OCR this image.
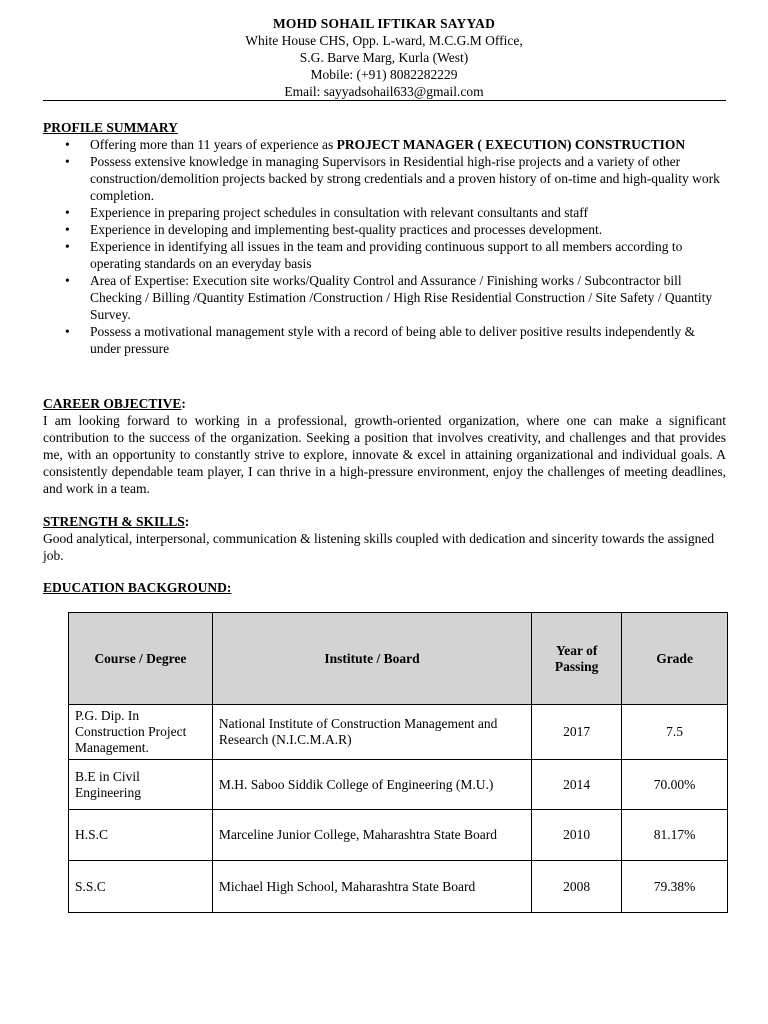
MOHD SOHAIL IFTIKAR SAYYAD
White House CHS, Opp. L-ward, M.C.G.M Office,
S.G. Barve Marg, Kurla (West)
Mobile: (+91) 8082282229
Email: sayyadsohail633@gmail.com
PROFILE SUMMARY
• Offering more than 11 years of experience as PROJECT MANAGER ( EXECUTION) CONSTRUCTION
• Possess extensive knowledge in managing Supervisors in Residential high-rise projects and a variety of other construction/demolition projects backed by strong credentials and a proven history of on-time and high-quality work completion.
• Experience in preparing project schedules in consultation with relevant consultants and staff
• Experience in developing and implementing best-quality practices and processes development.
• Experience in identifying all issues in the team and providing continuous support to all members according to operating standards on an everyday basis
• Area of Expertise: Execution site works/Quality Control and Assurance / Finishing works / Subcontractor bill Checking / Billing /Quantity Estimation /Construction / High Rise Residential Construction / Site Safety / Quantity Survey.
• Possess a motivational management style with a record of being able to deliver positive results independently & under pressure
CAREER OBJECTIVE:
I am looking forward to working in a professional, growth-oriented organization, where one can make a significant contribution to the success of the organization. Seeking a position that involves creativity, and challenges and that provides me, with an opportunity to constantly strive to explore, innovate & excel in attaining organizational and individual goals. A consistently dependable team player, I can thrive in a high-pressure environment, enjoy the challenges of meeting deadlines, and work in a team.
STRENGTH & SKILLS:
Good analytical, interpersonal, communication & listening skills coupled with dedication and sincerity towards the assigned job.
EDUCATION BACKGROUND:
Course / Degree	Institute / Board	Year of Passing	Grade
P.G. Dip. In Construction Project Management.	National Institute of Construction Management and Research (N.I.C.M.A.R)	2017	7.5
B.E in Civil Engineering	M.H. Saboo Siddik College of Engineering (M.U.)	2014	70.00%
H.S.C	Marceline Junior College, Maharashtra State Board	2010	81.17%
S.S.C	Michael High School, Maharashtra State Board	2008	79.38%
